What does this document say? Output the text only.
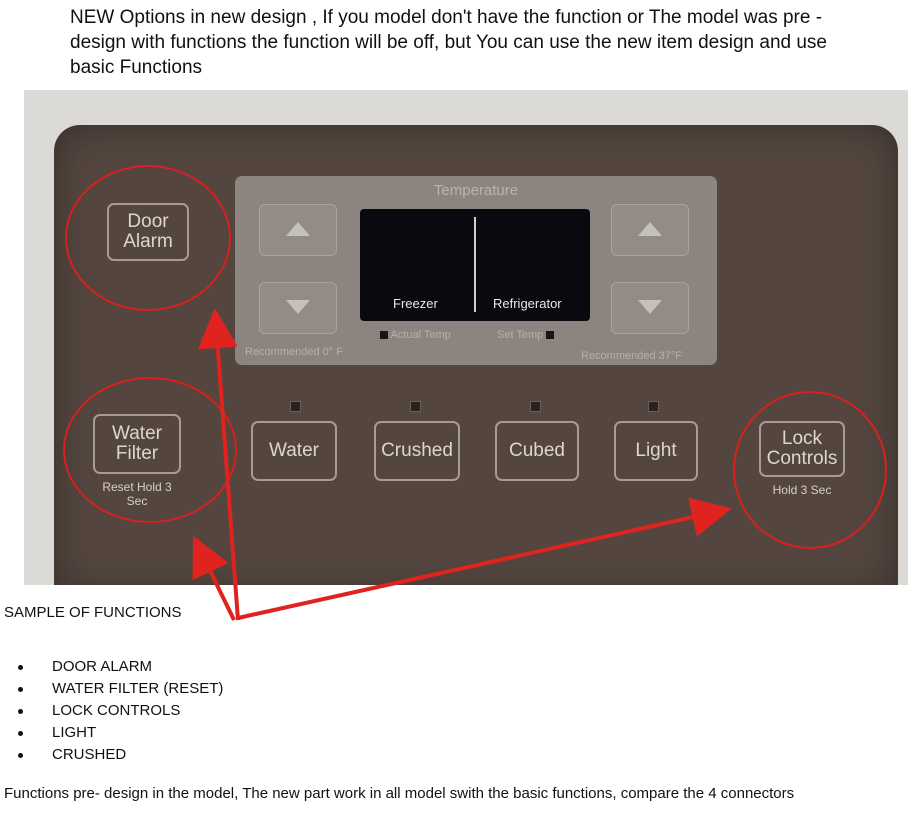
NEW Options in new design , If you model don't have the function or The model was pre - design with functions the function will be off, but You can use the new item design and use basic Functions

Door Alarm
Temperature
Freezer	Refrigerator
Actual Temp	Set Temp
Recommended 0° F	Recommended 37°F
Water Filter
Reset Hold 3 Sec
Water	Crushed	Cubed	Light
Lock Controls
Hold 3 Sec
SAMPLE OF FUNCTIONS
DOOR ALARM
WATER FILTER (RESET)
LOCK CONTROLS
LIGHT
CRUSHED

Functions pre- design in the model, The new part work in all model swith the basic functions, compare the 4 connectors
